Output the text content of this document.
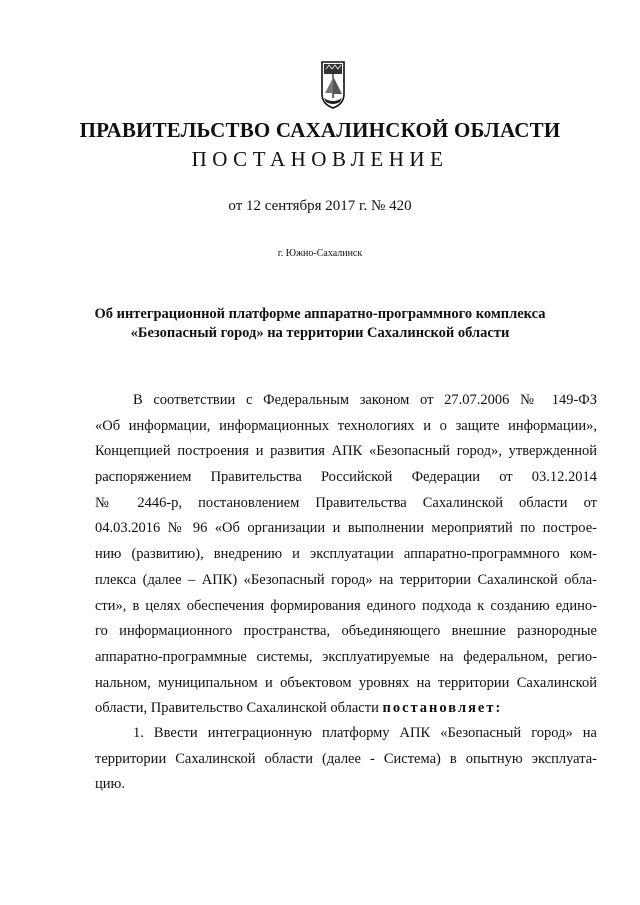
ПРАВИТЕЛЬСТВО САХАЛИНСКОЙ ОБЛАСТИ
ПОСТАНОВЛЕНИЕ
от 12 сентября 2017 г. № 420
г. Южно-Сахалинск
Об интеграционной платформе аппаратно-программного комплекса
«Безопасный город» на территории Сахалинской области
В соответствии с Федеральным законом от 27.07.2006 № 149-ФЗ
«Об информации, информационных технологиях и о защите информации»,
Концепцией построения и развития АПК «Безопасный город», утвержденной
распоряжением Правительства Российской Федерации от 03.12.2014
№ 2446-р, постановлением Правительства Сахалинской области от
04.03.2016 № 96 «Об организации и выполнении мероприятий по построе-
нию (развитию), внедрению и эксплуатации аппаратно-программного ком-
плекса (далее – АПК) «Безопасный город» на территории Сахалинской обла-
сти», в целях обеспечения формирования единого подхода к созданию едино-
го информационного пространства, объединяющего внешние разнородные
аппаратно-программные системы, эксплуатируемые на федеральном, регио-
нальном, муниципальном и объектовом уровнях на территории Сахалинской
области, Правительство Сахалинской области постановляет:
1. Ввести интеграционную платформу АПК «Безопасный город» на
территории Сахалинской области (далее - Система) в опытную эксплуата-
цию.
